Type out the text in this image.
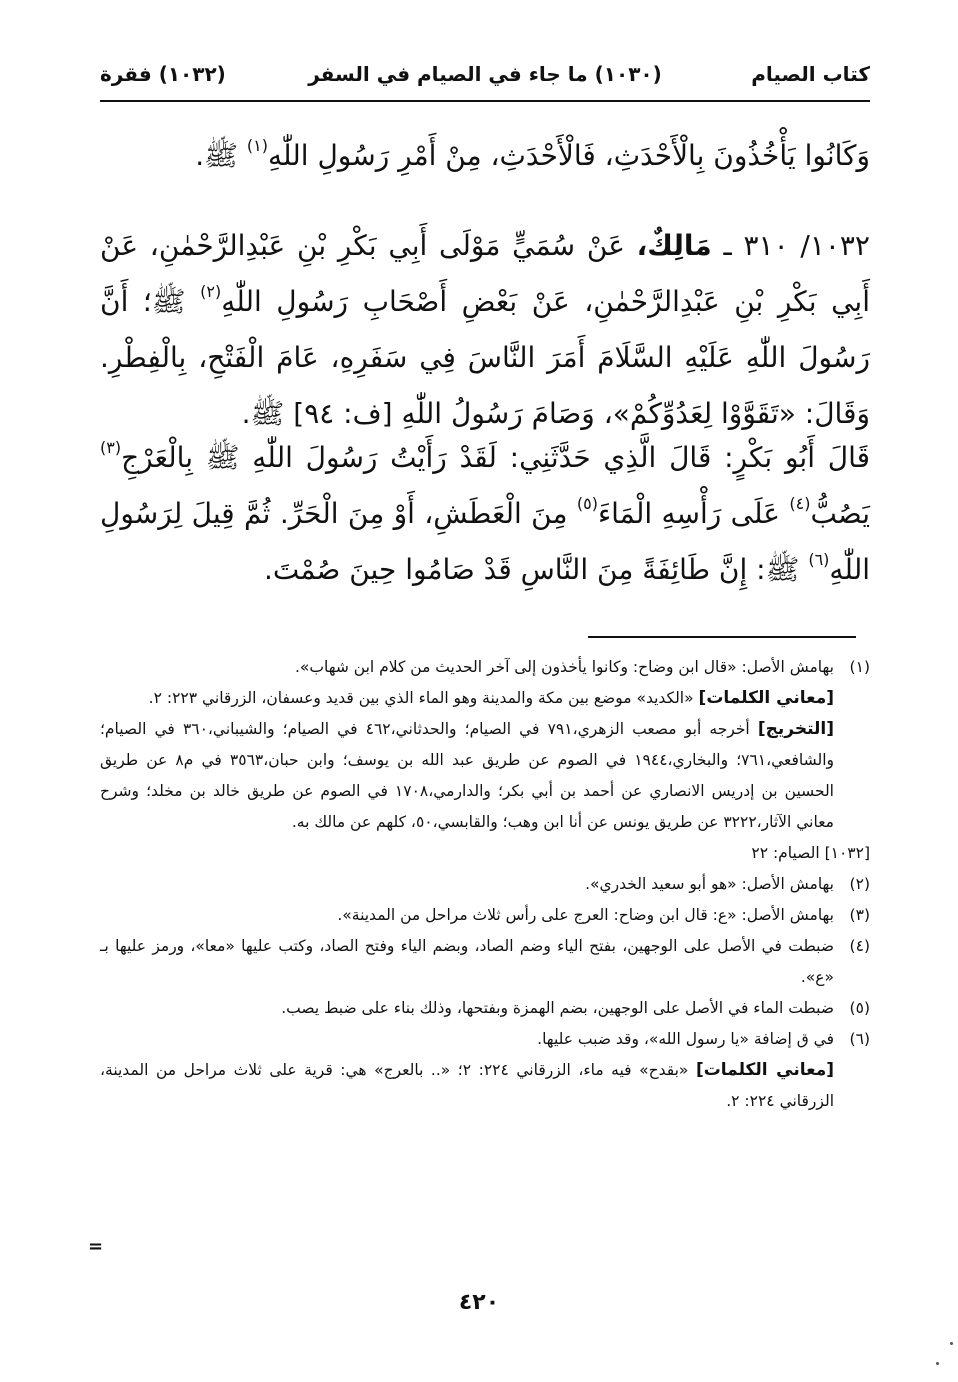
كتاب الصيام
(١٠٣٠) ما جاء في الصيام في السفر
(١٠٣٢) فقرة

وَكَانُوا يَأْخُذُونَ بِالْأَحْدَثِ، فَالْأَحْدَثِ، مِنْ أَمْرِ رَسُولِ اللّٰهِ$^{(١)}$ ﷺ.

١٠٣٢/ ٣١٠ ـ مَالِكٌ، عَنْ سُمَيٍّ مَوْلَى أَبِي بَكْرِ بْنِ عَبْدِالرَّحْمٰنِ، عَنْ أَبِي بَكْرِ بْنِ عَبْدِالرَّحْمٰنِ، عَنْ بَعْضِ أَصْحَابِ رَسُولِ اللّٰهِ$^{(٢)}$ ﷺ؛ أَنَّ رَسُولَ اللّٰهِ عَلَيْهِ السَّلَامَ أَمَرَ النَّاسَ فِي سَفَرِهِ، عَامَ الْفَتْحِ، بِالْفِطْرِ. وَقَالَ: «تَقَوَّوْا لِعَدُوِّكُمْ»، وَصَامَ رَسُولُ اللّٰهِ [ف: ٩٤] ﷺ.

قَالَ أَبُو بَكْرٍ: قَالَ الَّذِي حَدَّثَنِي: لَقَدْ رَأَيْتُ رَسُولَ اللّٰهِ ﷺ بِالْعَرْجِ$^{(٣)}$ يَصُبُّ$^{(٤)}$ عَلَى رَأْسِهِ الْمَاءَ$^{(٥)}$ مِنَ الْعَطَشِ، أَوْ مِنَ الْحَرِّ. ثُمَّ قِيلَ لِرَسُولِ اللّٰهِ$^{(٦)}$ ﷺ: إِنَّ طَائِفَةً مِنَ النَّاسِ قَدْ صَامُوا حِينَ صُمْتَ.

(١)
بهامش الأصل: «قال ابن وضاح: وكانوا يأخذون إلى آخر الحديث من كلام ابن شهاب».
[معاني الكلمات] «الكديد» موضع بين مكة والمدينة وهو الماء الذي بين قديد وعسفان، الزرقاني ٢٢٣: ٢.
[التخريج] أخرجه أبو مصعب الزهري،٧٩١ في الصيام؛ والحدثاني،٤٦٢ في الصيام؛ والشيباني،٣٦٠ في الصيام؛ والشافعي،٧٦١؛ والبخاري،١٩٤٤ في الصوم عن طريق عبد الله بن يوسف؛ وابن حبان،٣٥٦٣ في م٨ عن طريق الحسين بن إدريس الانصاري عن أحمد بن أبي بكر؛ والدارمي،١٧٠٨ في الصوم عن طريق خالد بن مخلد؛ وشرح معاني الآثار،٣٢٢٢ عن طريق يونس عن أنا ابن وهب؛ والقابسي،٥٠، كلهم عن مالك به.
[١٠٣٢] الصيام: ٢٢
(٢)
بهامش الأصل: «هو أبو سعيد الخدري».
(٣)
بهامش الأصل: «ع: قال ابن وضاح: العرج على رأس ثلاث مراحل من المدينة».
(٤)
ضبطت في الأصل على الوجهين، بفتح الياء وضم الصاد، وبضم الياء وفتح الصاد، وكتب عليها «معا»، ورمز عليها بـ «ع».
(٥)
ضبطت الماء في الأصل على الوجهين، بضم الهمزة وبفتحها، وذلك بناء على ضبط يصب.
(٦)
في ق إضافة «يا رسول الله»، وقد ضبب عليها.
[معاني الكلمات] «بقدح» فيه ماء، الزرقاني ٢٢٤: ٢؛ «.. بالعرج» هي: قرية على ثلاث مراحل من المدينة، الزرقاني ٢٢٤: ٢.
=
٤٢٠
